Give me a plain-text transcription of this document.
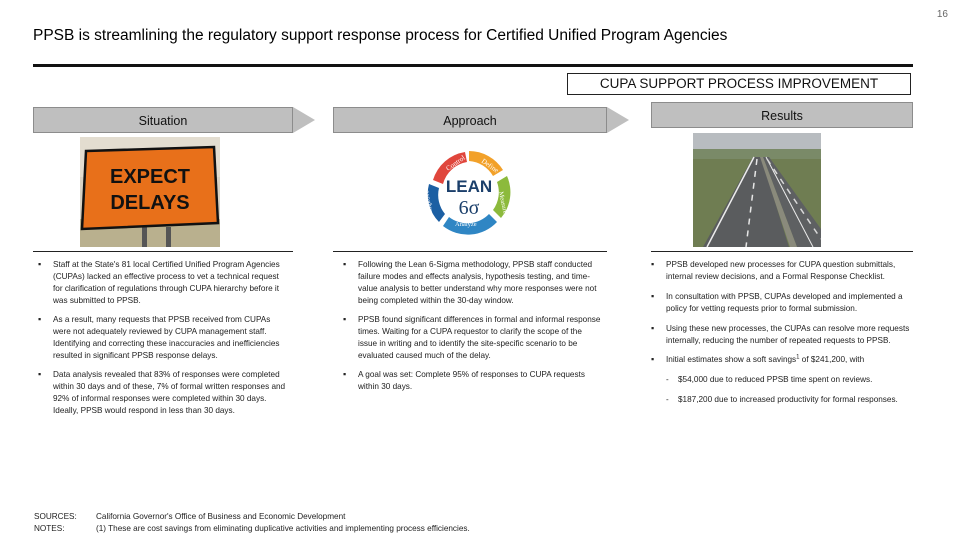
16
PPSB is streamlining the regulatory support response process for Certified Unified Program Agencies
CUPA SUPPORT PROCESS IMPROVEMENT
Situation	Approach	Results
EXPECT
DELAYS
Control Define
Measure
Analyze
Improve
LEAN
6σ
▪ Staff at the State's 81 local Certified Unified Program Agencies (CUPAs) lacked an effective process to vet a technical request for clarification of regulations through CUPA hierarchy before it was submitted to PPSB.
▪ As a result, many requests that PPSB received from CUPAs were not adequately reviewed by CUPA management staff. Identifying and correcting these inaccuracies and inefficiencies resulted in significant PPSB response delays.
▪ Data analysis revealed that 83% of responses were completed within 30 days and of these, 7% of formal written responses and 92% of informal responses were completed within 30 days. Ideally, PPSB would respond in less than 30 days.
▪ Following the Lean 6-Sigma methodology, PPSB staff conducted failure modes and effects analysis, hypothesis testing, and time-value analysis to better understand why more responses were not being completed within the 30-day window.
▪ PPSB found significant differences in formal and informal response times. Waiting for a CUPA requestor to clarify the scope of the issue in writing and to identify the site-specific scenario to be evaluated caused much of the delay.
▪ A goal was set: Complete 95% of responses to CUPA requests within 30 days.
▪ PPSB developed new processes for CUPA question submittals, internal review decisions, and a Formal Response Checklist.
▪ In consultation with PPSB, CUPAs developed and implemented a policy for vetting requests prior to formal submission.
▪ Using these new processes, the CUPAs can resolve more requests internally, reducing the number of repeated requests to PPSB.
▪ Initial estimates show a soft savings$^1$ of $241,200, with
- $54,000 due to reduced PPSB time spent on reviews.
- $187,200 due to increased productivity for formal responses.
SOURCES: California Governor's Office of Business and Economic Development
NOTES:	(1) These are cost savings from eliminating duplicative activities and implementing process efficiencies.
